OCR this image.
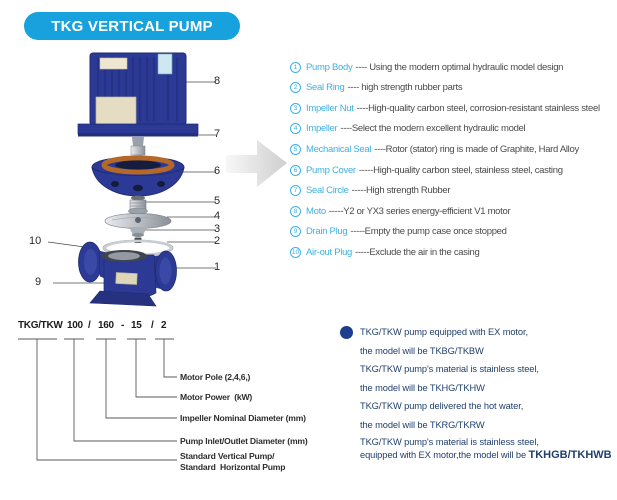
TKG VERTICAL PUMP
8
7
6
5
4
3
2
1
10
9
1 Pump Body ---- Using the modern optimal hydraulic model design
2 Seal Ring ---- high strength rubber parts
3 Impeller Nut ----High-quality carbon steel, corrosion-resistant stainless steel
4 Impeller ----Select the modern excellent hydraulic model
5 Mechanical Seal ----Rotor (stator) ring is made of Graphite, Hard Alloy
6 Pump Cover -----High-quality carbon steel, stainless steel, casting
7 Seal Circle -----High strength Rubber
8 Moto -----Y2 or YX3 series energy-efficient V1 motor
9 Drain Plug -----Empty the pump case once stopped
10 Air-out Plug -----Exclude the air in the casing
TKG/TKW 100 / 160 - 15 / 2
Motor Pole (2,4,6,)
Motor Power  (kW)
Impeller Nominal Diameter (mm)
Pump Inlet/Outlet Diameter (mm)
Standard Vertical Pump/
Standard  Horizontal Pump
TKG/TKW pump equipped with EX motor,
the model will be TKBG/TKBW
TKG/TKW pump's material is stainless steel,
the model will be TKHG/TKHW
TKG/TKW pump delivered the hot water,
the model will be TKRG/TKRW
TKG/TKW pump's material is stainless steel,
equipped with EX motor,the model will be TKHGB/TKHWB
